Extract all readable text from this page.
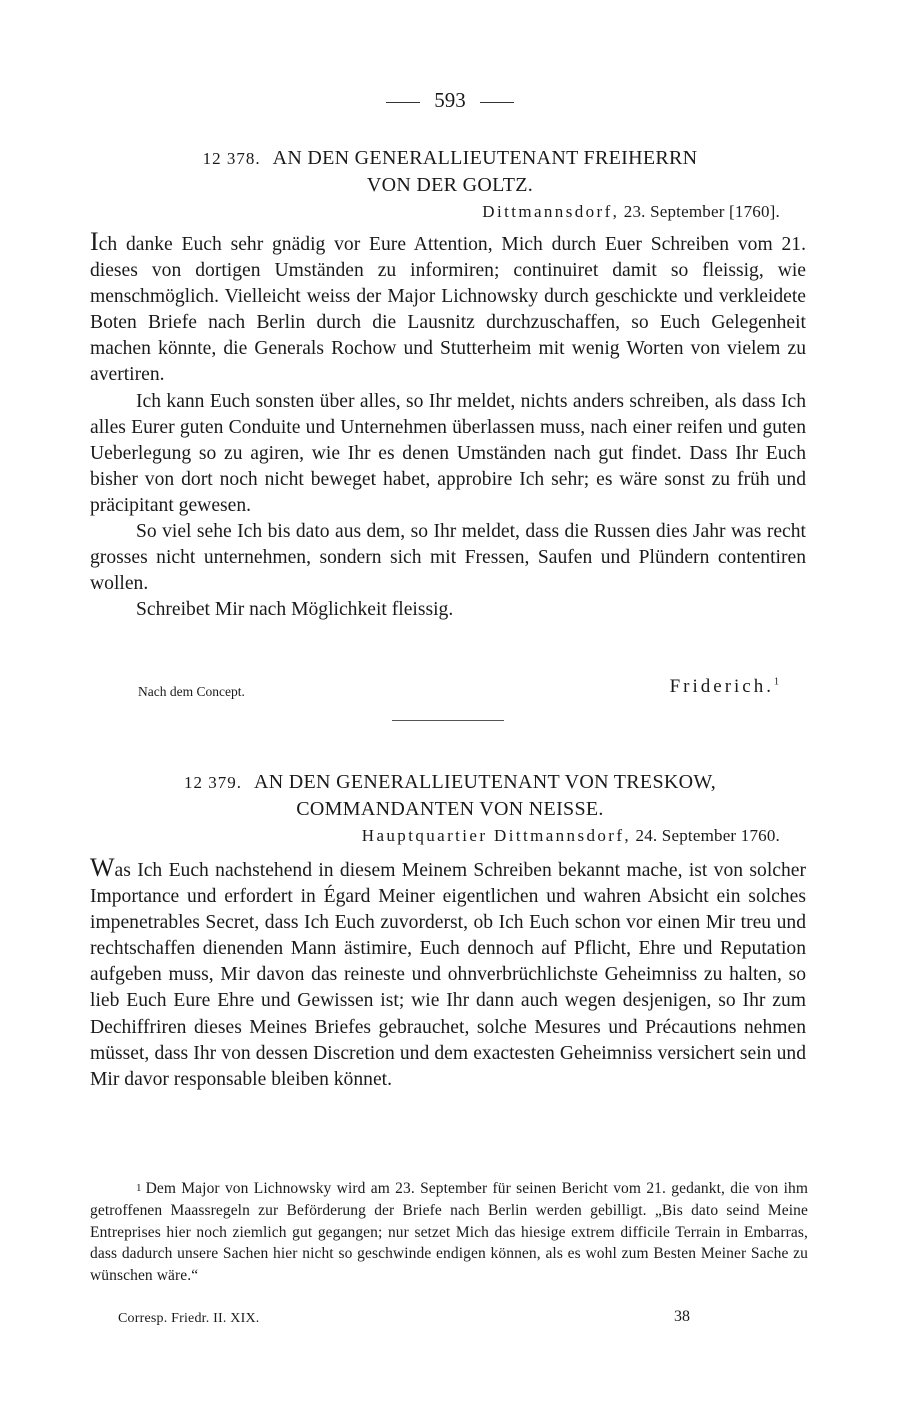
593
12 378. AN DEN GENERALLIEUTENANT FREIHERRN
VON DER GOLTZ.
Dittmannsdorf, 23. September [1760].

Ich danke Euch sehr gnädig vor Eure Attention, Mich durch Euer Schreiben vom 21. dieses von dortigen Umständen zu informiren; continuiret damit so fleissig, wie menschmöglich. Vielleicht weiss der Major Lichnowsky durch geschickte und verkleidete Boten Briefe nach Berlin durch die Lausnitz durchzuschaffen, so Euch Gelegenheit machen könnte, die Generals Rochow und Stutterheim mit wenig Worten von vielem zu avertiren.

Ich kann Euch sonsten über alles, so Ihr meldet, nichts anders schreiben, als dass Ich alles Eurer guten Conduite und Unternehmen überlassen muss, nach einer reifen und guten Ueberlegung so zu agiren, wie Ihr es denen Umständen nach gut findet. Dass Ihr Euch bisher von dort noch nicht beweget habet, approbire Ich sehr; es wäre sonst zu früh und präcipitant gewesen.

So viel sehe Ich bis dato aus dem, so Ihr meldet, dass die Russen dies Jahr was recht grosses nicht unternehmen, sondern sich mit Fressen, Saufen und Plündern contentiren wollen.

Schreibet Mir nach Möglichkeit fleissig.

Nach dem Concept.	Friderich.$^1$
12 379. AN DEN GENERALLIEUTENANT VON TRESKOW,
COMMANDANTEN VON NEISSE.
Hauptquartier Dittmannsdorf, 24. September 1760.

Was Ich Euch nachstehend in diesem Meinem Schreiben bekannt mache, ist von solcher Importance und erfordert in Égard Meiner eigentlichen und wahren Absicht ein solches impenetrables Secret, dass Ich Euch zuvorderst, ob Ich Euch schon vor einen Mir treu und rechtschaffen dienenden Mann ästimire, Euch dennoch auf Pflicht, Ehre und Reputation aufgeben muss, Mir davon das reineste und ohnverbrüchlichste Geheimniss zu halten, so lieb Euch Eure Ehre und Gewissen ist; wie Ihr dann auch wegen desjenigen, so Ihr zum Dechiffriren dieses Meines Briefes gebrauchet, solche Mesures und Précautions nehmen müsset, dass Ihr von dessen Discretion und dem exactesten Geheimniss versichert sein und Mir davor responsable bleiben könnet.

1 Dem Major von Lichnowsky wird am 23. September für seinen Bericht vom 21. gedankt, die von ihm getroffenen Maassregeln zur Beförderung der Briefe nach Berlin werden gebilligt. „Bis dato seind Meine Entreprises hier noch ziemlich gut gegangen; nur setzet Mich das hiesige extrem difficile Terrain in Embarras, dass dadurch unsere Sachen hier nicht so geschwinde endigen können, als es wohl zum Besten Meiner Sache zu wünschen wäre.“

Corresp. Friedr. II. XIX.	38
